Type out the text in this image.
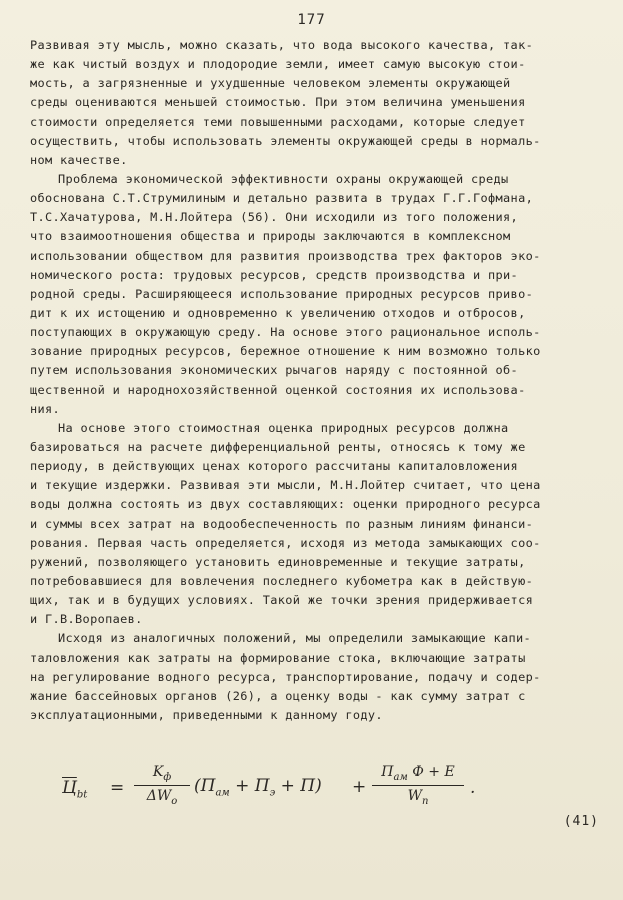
177
Развивая эту мысль, можно сказать, что вода высокого качества, так-
же как чистый воздух и плодородие земли, имеет самую высокую стои-
мость, а загрязненные и ухудшенные человеком элементы окружающей
среды оцениваются меньшей стоимостью. При этом величина уменьшения
стоимости определяется теми повышенными расходами, которые следует
осуществить, чтобы использовать элементы окружающей среды в нормаль-
ном качестве.
Проблема экономической эффективности охраны окружающей среды
обоснована С.Т.Струмилиным и детально развита в трудах Г.Г.Гофмана,
Т.С.Хачатурова, М.Н.Лойтера (56). Они исходили из того положения,
что взаимоотношения общества и природы заключаются в комплексном
использовании обществом для развития производства трех факторов эко-
номического роста: трудовых ресурсов, средств производства и при-
родной среды. Расширяющееся использование природных ресурсов приво-
дит к их истощению и одновременно к увеличению отходов и отбросов,
поступающих в окружающую среду. На основе этого рациональное исполь-
зование природных ресурсов, бережное отношение к ним возможно только
путем использования экономических рычагов наряду с постоянной об-
щественной и народнохозяйственной оценкой состояния их использова-
ния.
На основе этого стоимостная оценка природных ресурсов должна
базироваться на расчете дифференциальной ренты, относясь к тому же
периоду, в действующих ценах которого рассчитаны капиталовложения
и текущие издержки. Развивая эти мысли, М.Н.Лойтер считает, что цена
воды должна состоять из двух составляющих: оценки природного ресурса
и суммы всех затрат на водообеспеченность по разным линиям финанси-
рования. Первая часть определяется, исходя из метода замыкающих соо-
ружений, позволяющего установить единовременные и текущие затраты,
потребовавшиеся для вовлечения последнего кубометра как в действую-
щих, так и в будущих условиях. Такой же точки зрения придерживается
и Г.В.Воропаев.
Исходя из аналогичных положений, мы определили замыкающие капи-
таловложения как затраты на формирование стока, включающие затраты
на регулирование водного ресурса, транспортирование, подачу и содер-
жание бассейновых органов (26), а оценку воды - как сумму затрат с
эксплуатационными, приведенными к данному году.
$Ц_{bt}$ =
$K_ф$
$\Delta W_o$
$(П_{ам} + П_э + П)$ +
$П_{ам}$ Ф + E
$W_п$
.
(41)
